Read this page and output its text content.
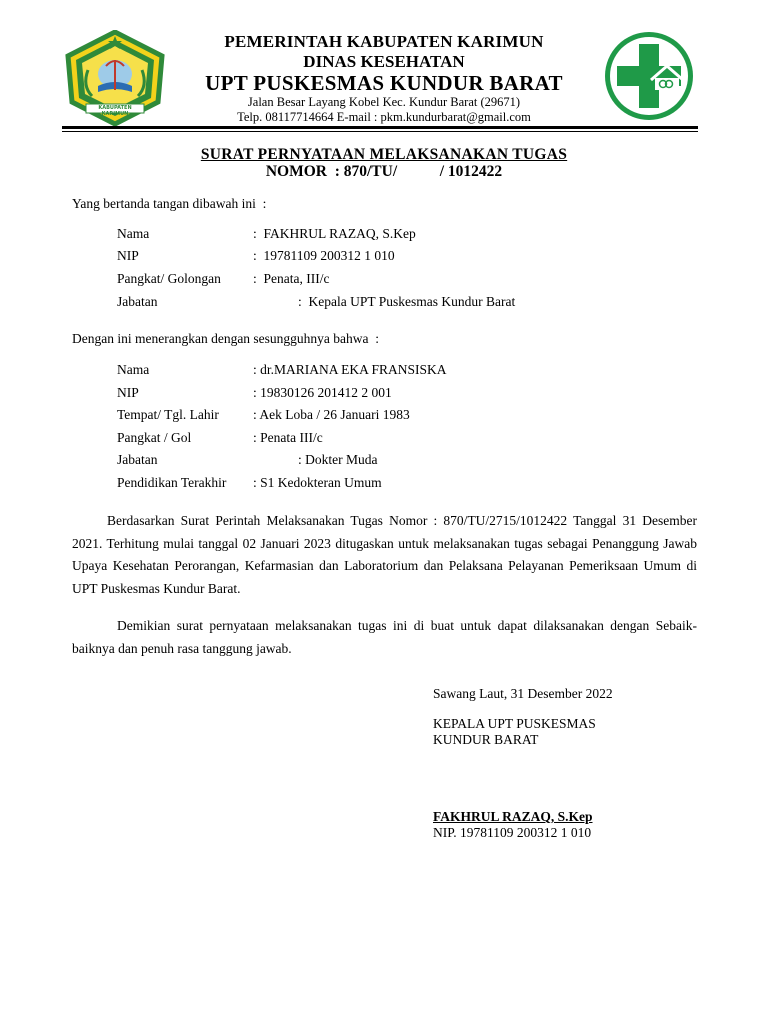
KABUPATEN KARIMUN
PEMERINTAH KABUPATEN KARIMUN
DINAS KESEHATAN
UPT PUSKESMAS KUNDUR BARAT
Jalan Besar Layang Kobel Kec. Kundur Barat (29671)
Telp. 08117714664 E-mail : pkm.kundurbarat@gmail.com
SURAT PERNYATAAN MELAKSANAKAN TUGAS
NOMOR  : 870/TU/	/ 1012422
Yang bertanda tangan dibawah ini  :
Nama	:  FAKHRUL RAZAQ, S.Kep
NIP	:  19781109 200312 1 010
Pangkat/ Golongan :  Penata, III/c
Jabatan	:  Kepala UPT Puskesmas Kundur Barat
Dengan ini menerangkan dengan sesungguhnya bahwa  :
Nama	: dr.MARIANA EKA FRANSISKA
NIP	: 19830126 201412 2 001
Tempat/ Tgl. Lahir	: Aek Loba / 26 Januari 1983
Pangkat / Gol	: Penata III/c
Jabatan	: Dokter Muda
Pendidikan Terakhir : S1 Kedokteran Umum
Berdasarkan Surat Perintah Melaksanakan Tugas Nomor : 870/TU/2715/1012422 Tanggal 31 Desember 2021. Terhitung mulai tanggal 02 Januari 2023 ditugaskan untuk melaksanakan tugas sebagai Penanggung Jawab Upaya Kesehatan Perorangan, Kefarmasian dan Laboratorium dan Pelaksana Pelayanan Pemeriksaan Umum di UPT Puskesmas Kundur Barat.
Demikian surat pernyataan melaksanakan tugas ini di buat untuk dapat dilaksanakan dengan Sebaik-baiknya dan penuh rasa tanggung jawab.
Sawang Laut, 31 Desember 2022
KEPALA UPT PUSKESMAS
KUNDUR BARAT
FAKHRUL RAZAQ, S.Kep
NIP. 19781109 200312 1 010
